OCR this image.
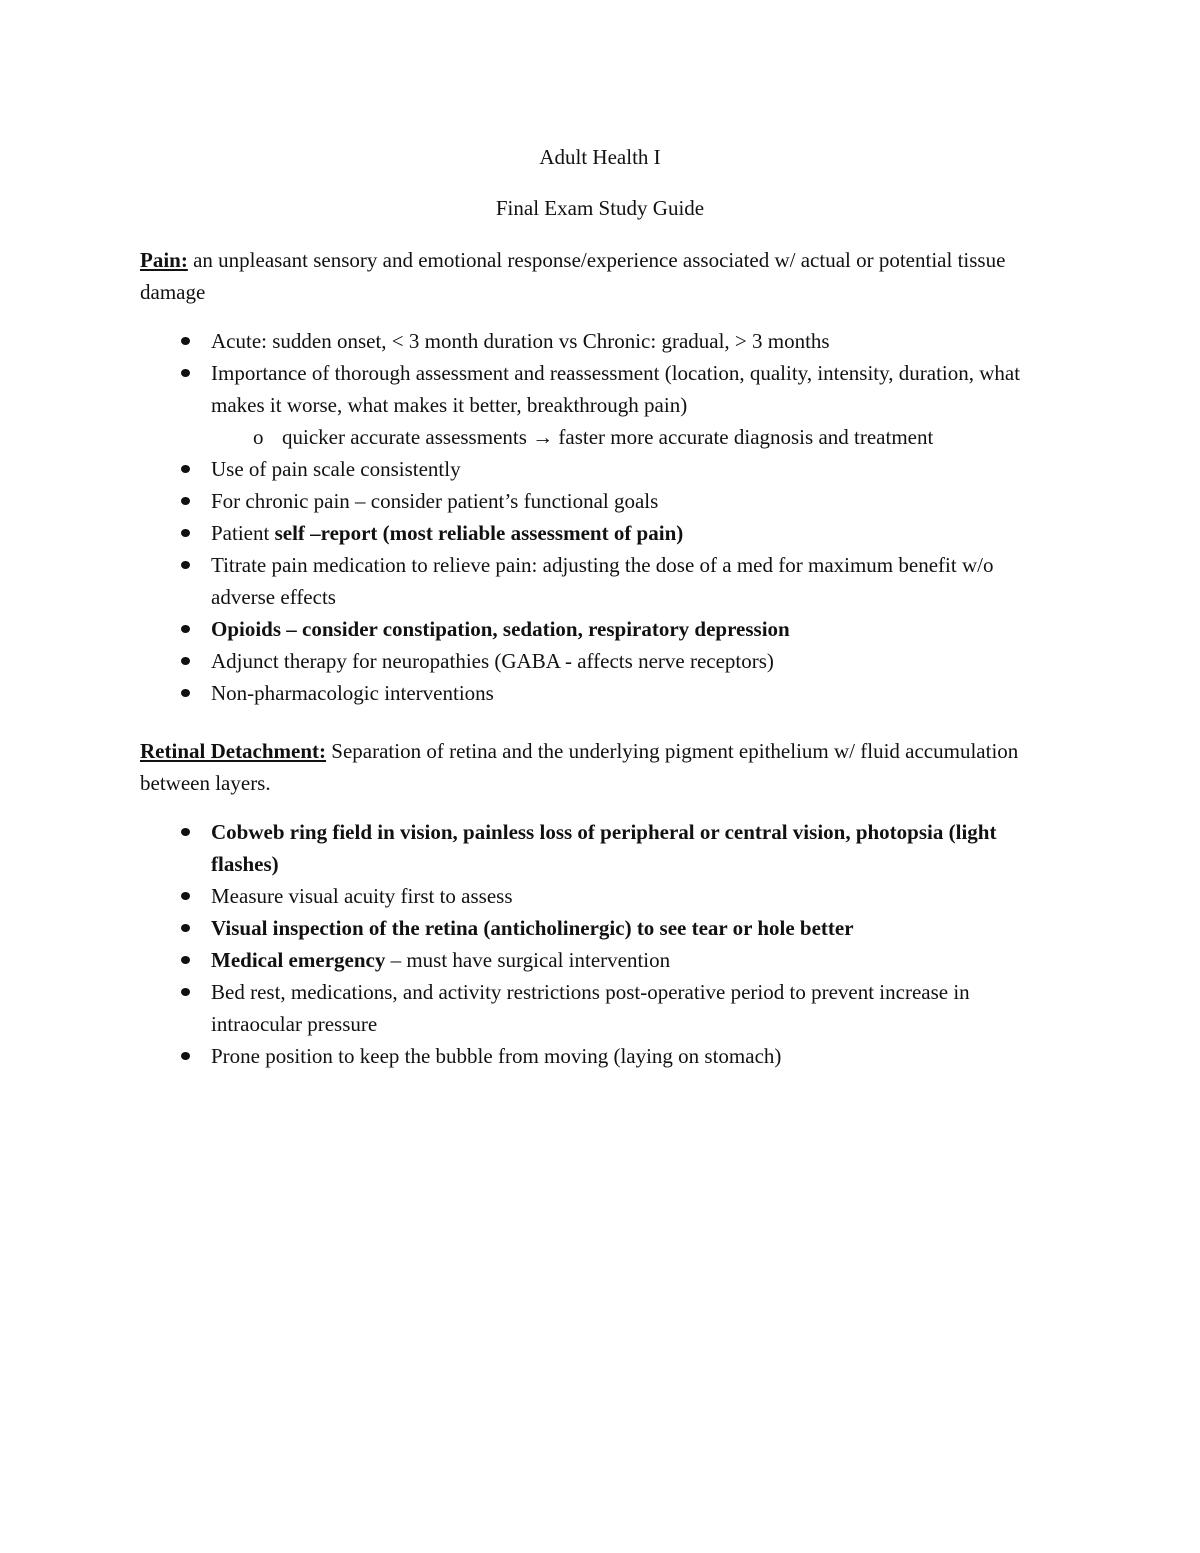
Adult Health I
Final Exam Study Guide

Pain: an unpleasant sensory and emotional response/experience associated w/ actual or potential tissue damage

Acute: sudden onset, < 3 month duration vs Chronic: gradual, > 3 months
Importance of thorough assessment and reassessment (location, quality, intensity, duration, what makes it worse, what makes it better, breakthrough pain)
o quicker accurate assessments → faster more accurate diagnosis and treatment
Use of pain scale consistently
For chronic pain – consider patient’s functional goals
Patient self –report (most reliable assessment of pain)
Titrate pain medication to relieve pain: adjusting the dose of a med for maximum benefit w/o adverse effects
Opioids – consider constipation, sedation, respiratory depression
Adjunct therapy for neuropathies (GABA - affects nerve receptors)
Non-pharmacologic interventions

Retinal Detachment: Separation of retina and the underlying pigment epithelium w/ fluid accumulation between layers.

Cobweb ring field in vision, painless loss of peripheral or central vision, photopsia (light flashes)
Measure visual acuity first to assess
Visual inspection of the retina (anticholinergic) to see tear or hole better
Medical emergency – must have surgical intervention
Bed rest, medications, and activity restrictions post-operative period to prevent increase in intraocular pressure
Prone position to keep the bubble from moving (laying on stomach)
